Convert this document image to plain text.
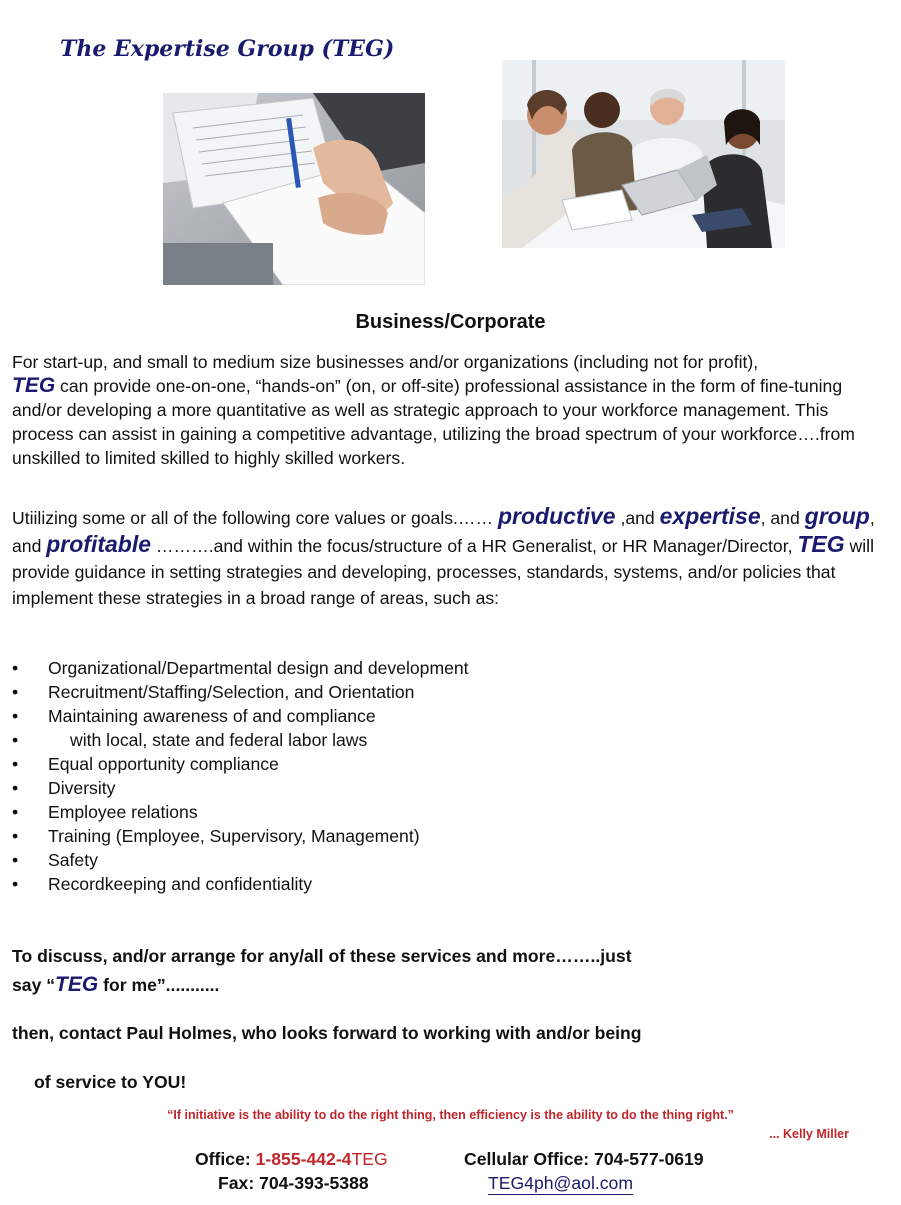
The Expertise Group (TEG)
Business/Corporate

For start-up, and small to medium size businesses and/or organizations (including not for profit),
TEG can provide one-on-one, “hands-on” (on, or off-site) professional assistance in the form of fine-tuning and/or developing a more quantitative as well as strategic approach to your workforce management. This process can assist in gaining a competitive advantage, utilizing the broad spectrum of your workforce….from unskilled to limited skilled to highly skilled workers.

Utiilizing some or all of the following core values or goals.…… productive ,and expertise, and group, and profitable ……….and within the focus/structure of a HR Generalist, or HR Manager/Director, TEG will provide guidance in setting strategies and developing, processes, standards, systems, and/or policies that implement these strategies in a broad range of areas, such as:

• Organizational/Departmental design and development
• Recruitment/Staffing/Selection, and Orientation
• Maintaining awareness of and compliance
•	with local, state and federal labor laws
• Equal opportunity compliance
• Diversity
• Employee relations
• Training (Employee, Supervisory, Management)
• Safety
• Recordkeeping and confidentiality

To discuss, and/or arrange for any/all of these services and more……..just

say “TEG for me”...........

then, contact Paul Holmes, who looks forward to working with and/or being

of service to YOU!

“If initiative is the ability to do the right thing, then efficiency is the ability to do the thing right.”
... Kelly Miller
Office: 1-855-442-4TEG	Cellular Office: 704-577-0619
Fax: 704-393-5388	TEG4ph@aol.com
